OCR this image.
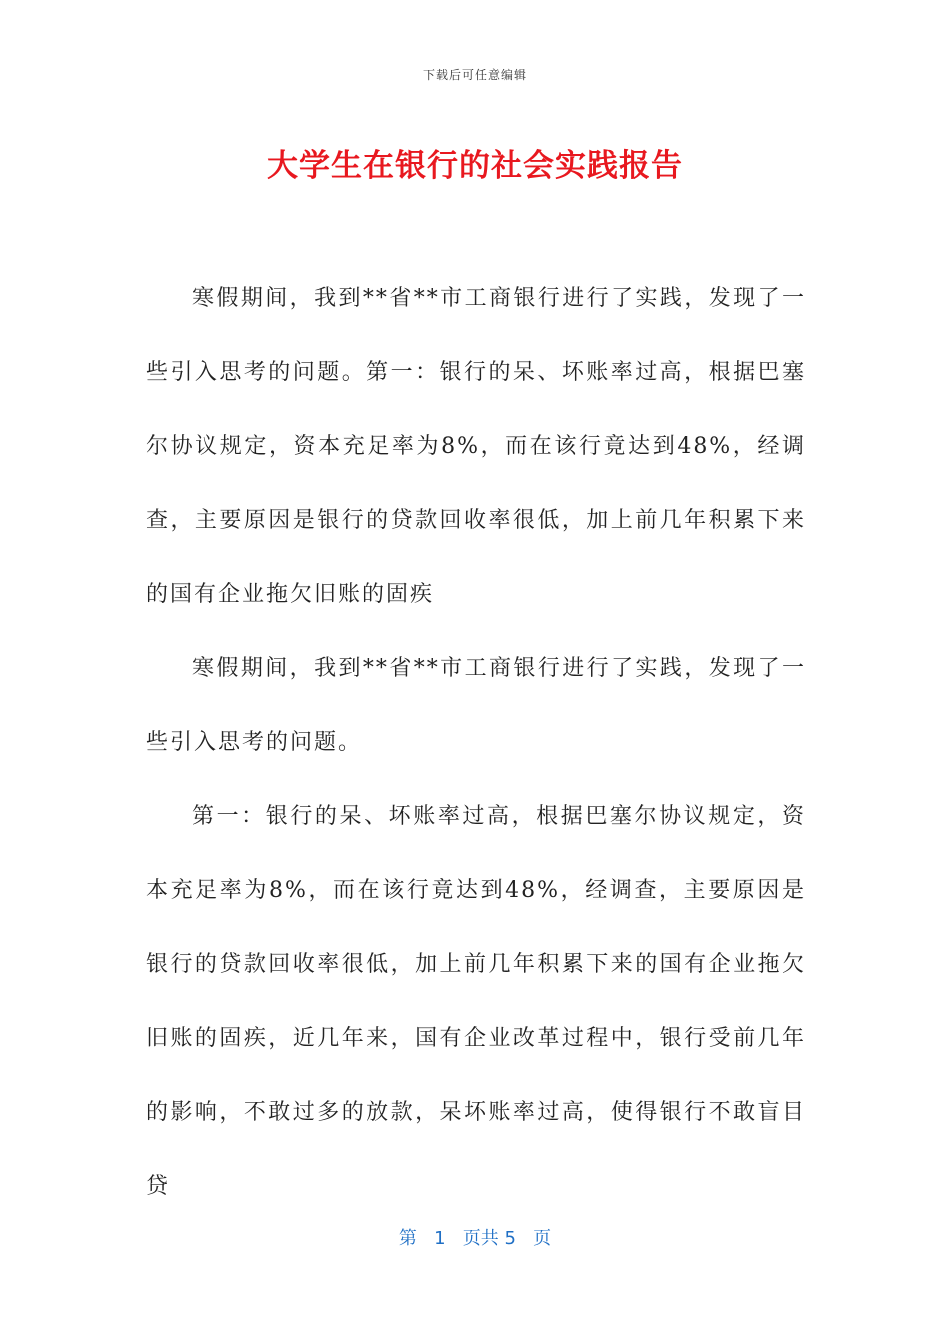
下载后可任意编辑
大学生在银行的社会实践报告

寒假期间，我到**省**市工商银行进行了实践，发现了一些引入思考的问题。第一：银行的呆、坏账率过高，根据巴塞尔协议规定，资本充足率为8%，而在该行竟达到48%，经调查，主要原因是银行的贷款回收率很低，加上前几年积累下来的国有企业拖欠旧账的固疾

寒假期间，我到**省**市工商银行进行了实践，发现了一些引入思考的问题。

第一：银行的呆、坏账率过高，根据巴塞尔协议规定，资本充足率为8%，而在该行竟达到48%，经调查，主要原因是银行的贷款回收率很低，加上前几年积累下来的国有企业拖欠旧账的固疾，近几年来，国有企业改革过程中，银行受前几年的影响，不敢过多的放款，呆坏账率过高，使得银行不敢盲目贷

第 1 页共 5 页
